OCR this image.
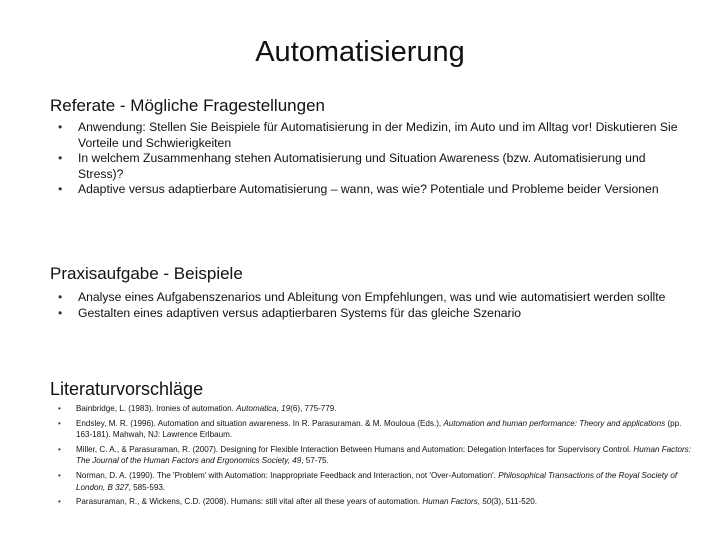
Automatisierung
Referate - Mögliche Fragestellungen
• Anwendung: Stellen Sie Beispiele für Automatisierung in der Medizin, im Auto und im Alltag vor! Diskutieren Sie Vorteile und Schwierigkeiten
• In welchem Zusammenhang stehen Automatisierung und Situation Awareness (bzw. Automatisierung und Stress)?
• Adaptive versus adaptierbare Automatisierung – wann, was wie? Potentiale und Probleme beider Versionen
Praxisaufgabe - Beispiele
• Analyse eines Aufgabenszenarios und Ableitung von Empfehlungen, was und wie automatisiert werden sollte
• Gestalten eines adaptiven versus adaptierbaren Systems für das gleiche Szenario
Literaturvorschläge
• Bainbridge, L. (1983). Ironies of automation. Automatica, 19(6), 775-779.
• Endsley, M. R. (1996). Automation and situation awareness. In R. Parasuraman. & M. Mouloua (Eds.), Automation and human performance: Theory and applications (pp. 163-181). Mahwah, NJ: Lawrence Erlbaum.
• Miller, C. A., & Parasuraman, R. (2007). Designing for Flexible Interaction Between Humans and Automation: Delegation Interfaces for Supervisory Control. Human Factors: The Journal of the Human Factors and Ergonomics Society, 49, 57-75.
• Norman, D. A. (1990). The 'Problem' with Automation: Inappropriate Feedback and Interaction, not 'Over-Automation'. Philosophical Transactions of the Royal Society of London, B 327, 585-593.
• Parasuraman, R., & Wickens, C.D. (2008). Humans: still vital after all these years of automation. Human Factors, 50(3), 511-520.
